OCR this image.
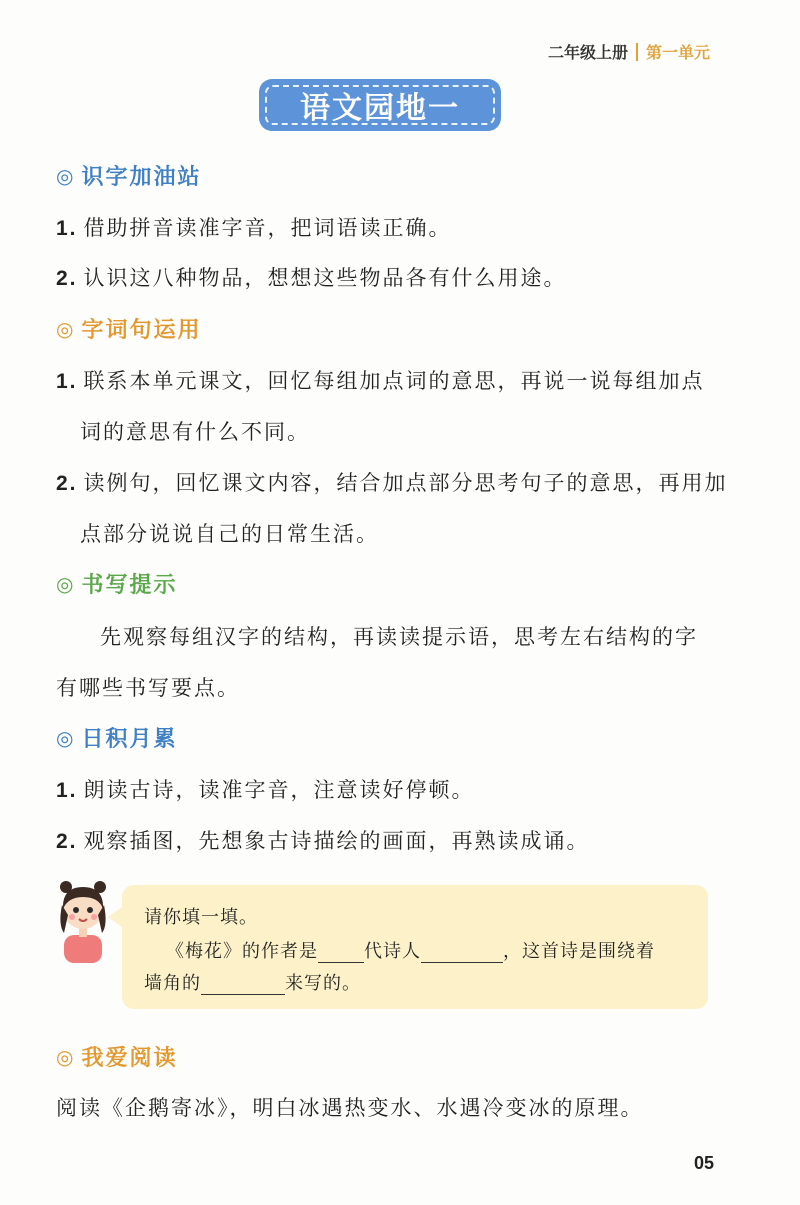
二年级上册 第一单元
语文园地一
◎ 识字加油站
1. 借助拼音读准字音，把词语读正确。
2. 认识这八种物品，想想这些物品各有什么用途。
◎ 字词句运用
1. 联系本单元课文，回忆每组加点词的意思，再说一说每组加点
词的意思有什么不同。
2. 读例句，回忆课文内容，结合加点部分思考句子的意思，再用加
点部分说说自己的日常生活。
◎ 书写提示
先观察每组汉字的结构，再读读提示语，思考左右结构的字
有哪些书写要点。
◎ 日积月累
1. 朗读古诗，读准字音，注意读好停顿。
2. 观察插图，先想象古诗描绘的画面，再熟读成诵。
请你填一填。
《梅花》的作者是	代诗人	，这首诗是围绕着
墙角的	来写的。
◎ 我爱阅读
阅读《企鹅寄冰》，明白冰遇热变水、水遇冷变冰的原理。
05
